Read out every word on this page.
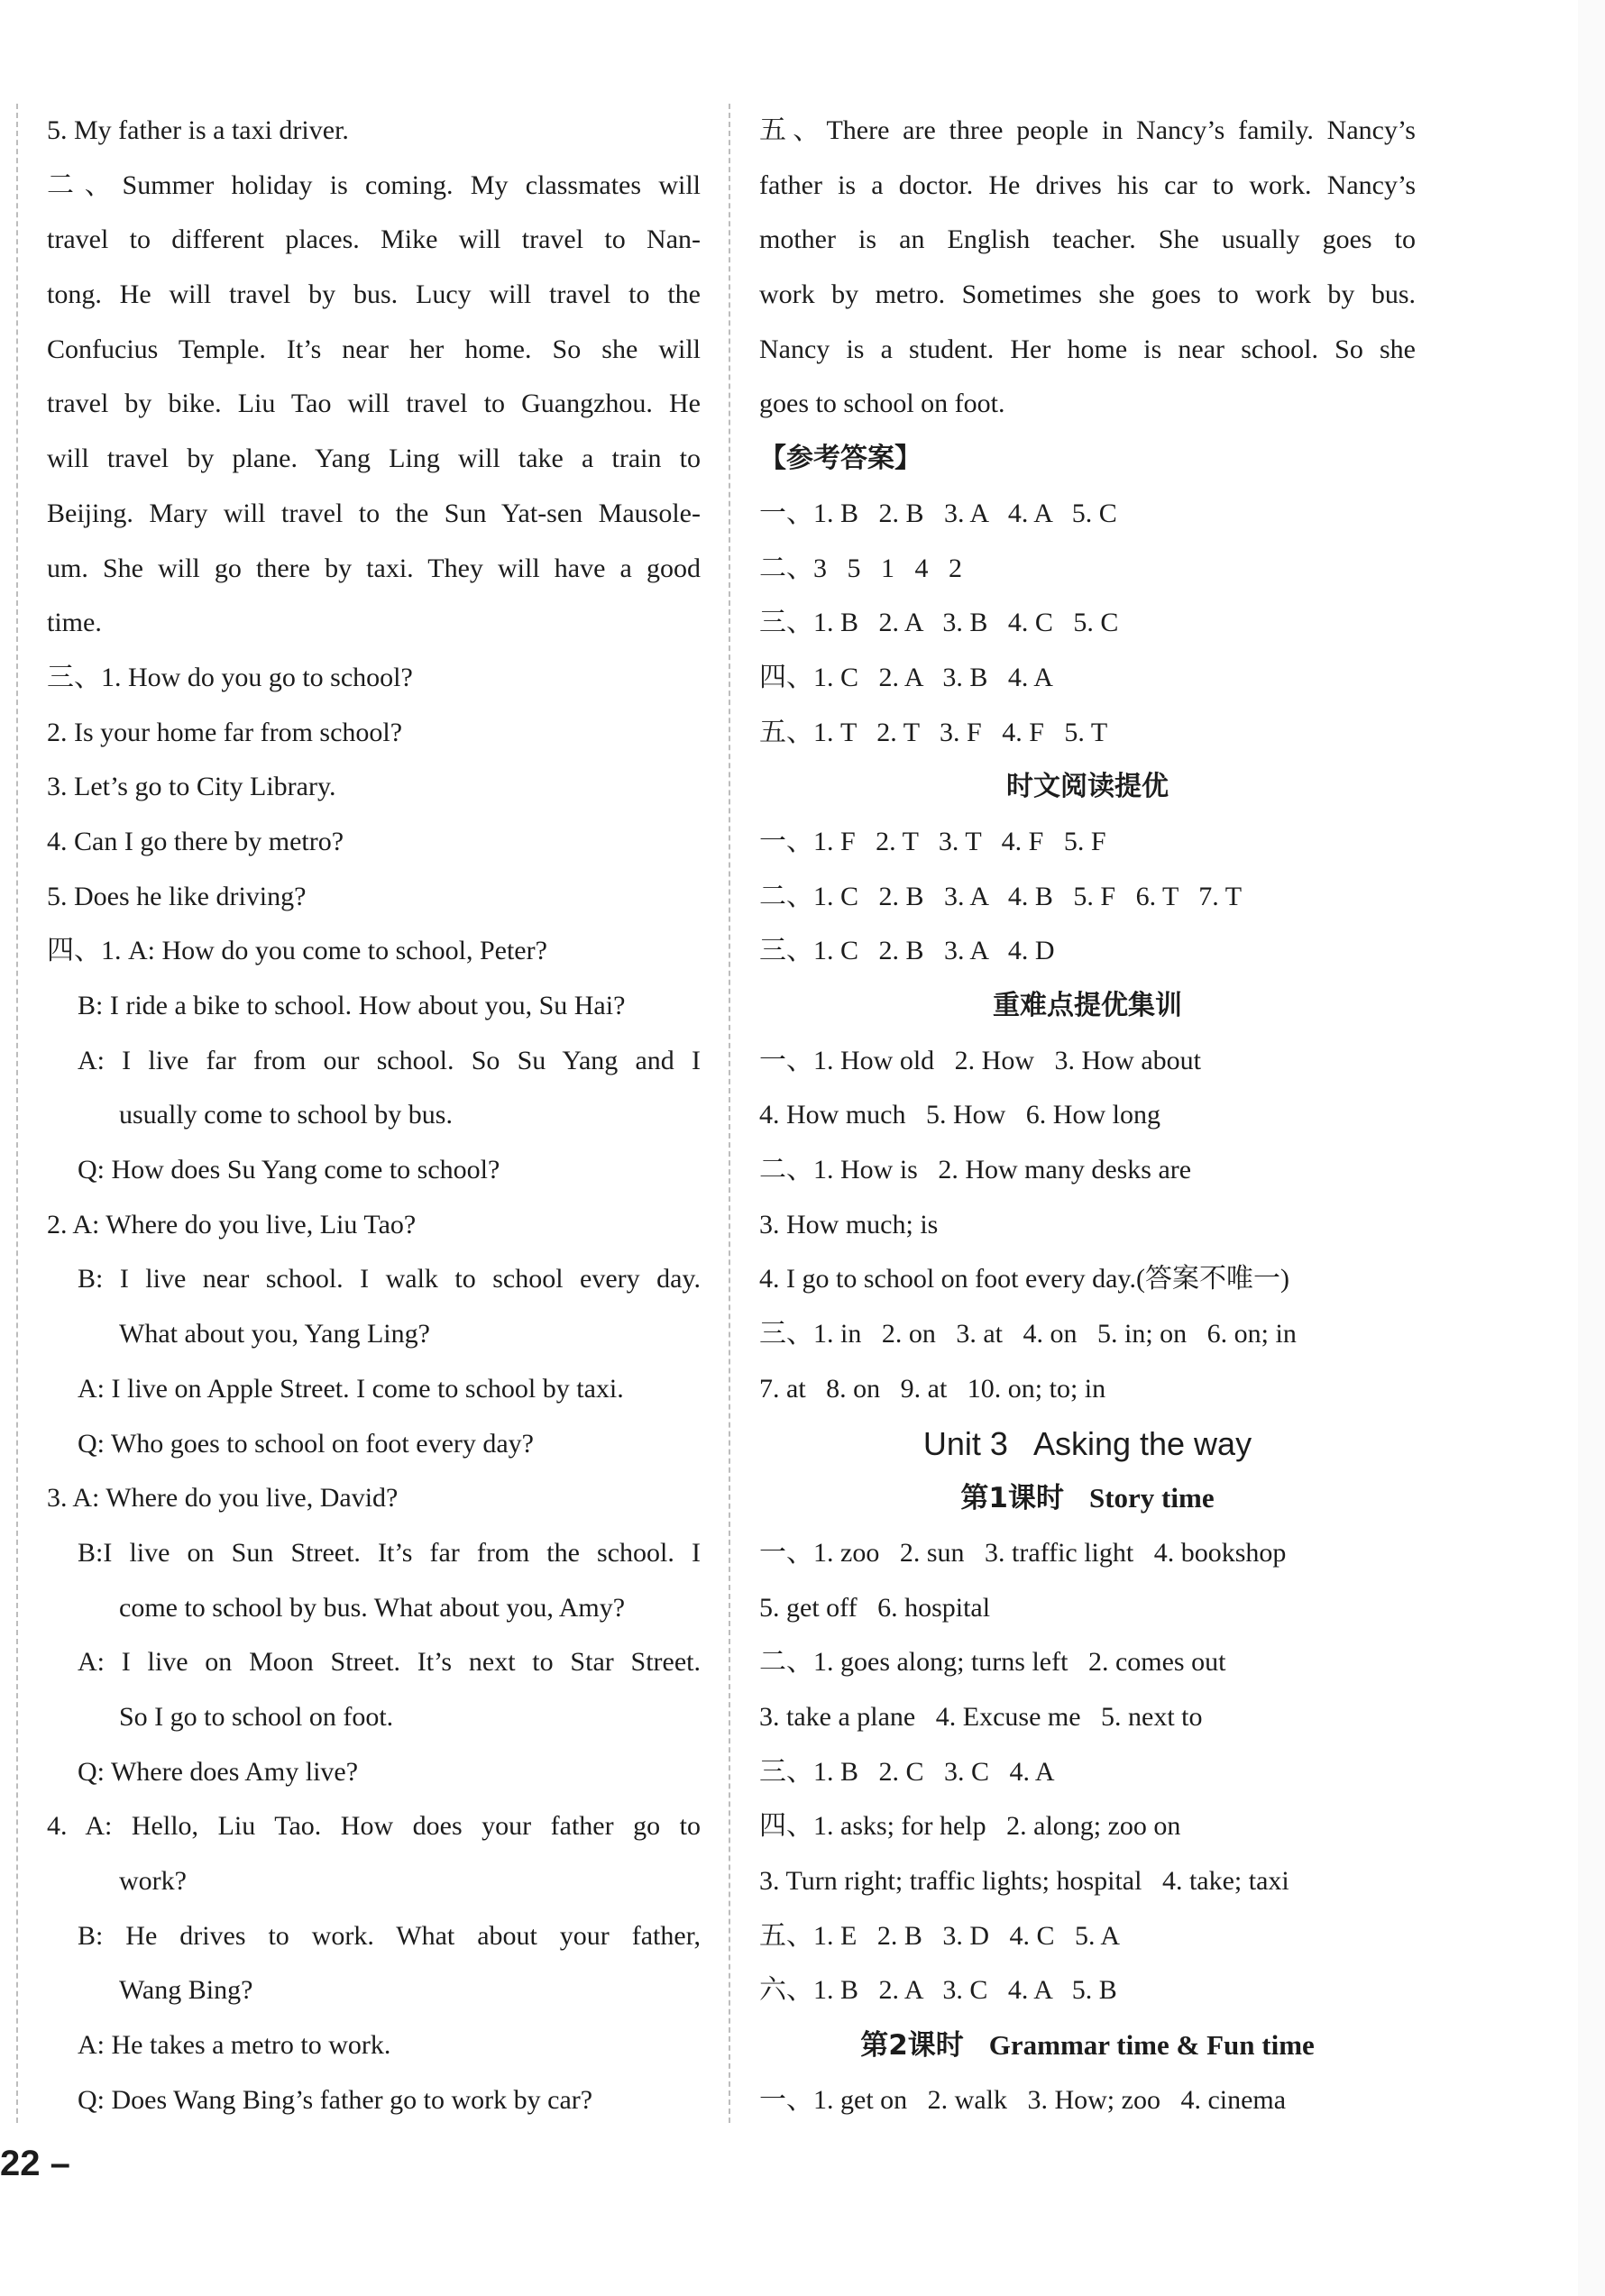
5. My father is a taxi driver.
二、Summer holiday is coming. My classmates will
travel to different places. Mike will travel to Nan-
tong. He will travel by bus. Lucy will travel to the
Confucius Temple. It’s near her home. So she will
travel by bike. Liu Tao will travel to Guangzhou. He
will travel by plane. Yang Ling will take a train to
Beijing. Mary will travel to the Sun Yat-sen Mausole-
um. She will go there by taxi. They will have a good
time.
三、1. How do you go to school?
2. Is your home far from school?
3. Let’s go to City Library.
4. Can I go there by metro?
5. Does he like driving?
四、1. A: How do you come to school, Peter?
B: I ride a bike to school. How about you, Su Hai?
A: I live far from our school. So Su Yang and I
usually come to school by bus.
Q: How does Su Yang come to school?
2. A: Where do you live, Liu Tao?
B: I live near school. I walk to school every day.
What about you, Yang Ling?
A: I live on Apple Street. I come to school by taxi.
Q: Who goes to school on foot every day?
3. A: Where do you live, David?
B:I live on Sun Street. It’s far from the school. I
come to school by bus. What about you, Amy?
A: I live on Moon Street. It’s next to Star Street.
So I go to school on foot.
Q: Where does Amy live?
4. A: Hello, Liu Tao. How does your father go to
work?
B: He drives to work. What about your father,
Wang Bing?
A: He takes a metro to work.
Q: Does Wang Bing’s father go to work by car?
五、There are three people in Nancy’s family. Nancy’s
father is a doctor. He drives his car to work. Nancy’s
mother is an English teacher. She usually goes to
work by metro. Sometimes she goes to work by bus.
Nancy is a student. Her home is near school. So she
goes to school on foot.
【参考答案】
一、1. B   2. B   3. A   4. A   5. C
二、3   5   1   4   2
三、1. B   2. A   3. B   4. C   5. C
四、1. C   2. A   3. B   4. A
五、1. T   2. T   3. F   4. F   5. T
时文阅读提优
一、1. F   2. T   3. T   4. F   5. F
二、1. C   2. B   3. A   4. B   5. F   6. T   7. T
三、1. C   2. B   3. A   4. D
重难点提优集训
一、1. How old   2. How   3. How about
4. How much   5. How   6. How long
二、1. How is   2. How many desks are
3. How much; is
4. I go to school on foot every day.(答案不唯一)
三、1. in   2. on   3. at   4. on   5. in; on   6. on; in
7. at   8. on   9. at   10. on; to; in
Unit 3 Asking the way
第1课时 Story time
一、1. zoo   2. sun   3. traffic light   4. bookshop
5. get off   6. hospital
二、1. goes along; turns left   2. comes out
3. take a plane   4. Excuse me   5. next to
三、1. B   2. C   3. C   4. A
四、1. asks; for help   2. along; zoo on
3. Turn right; traffic lights; hospital   4. take; taxi
五、1. E   2. B   3. D   4. C   5. A
六、1. B   2. A   3. C   4. A   5. B
第2课时 Grammar time & Fun time
一、1. get on   2. walk   3. How; zoo   4. cinema
22 –
